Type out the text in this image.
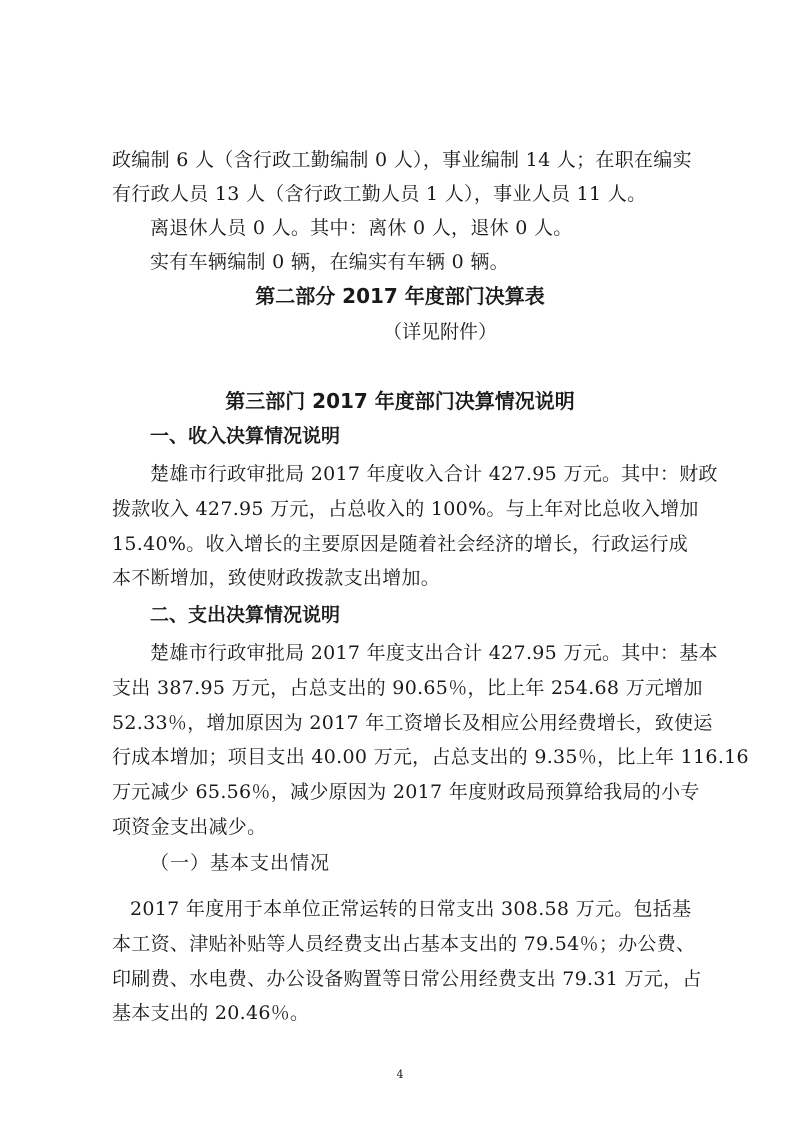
政编制 6 人（含行政工勤编制 0 人），事业编制 14 人；在职在编实
有行政人员 13 人（含行政工勤人员 1 人），事业人员 11 人。
离退休人员 0 人。其中：离休 0 人，退休 0 人。
实有车辆编制 0 辆，在编实有车辆 0 辆。
第二部分 2017 年度部门决算表
（详见附件）
第三部门 2017 年度部门决算情况说明
一、收入决算情况说明
楚雄市行政审批局 2017 年度收入合计 427.95 万元。其中：财政
拨款收入 427.95 万元，占总收入的 100%。与上年对比总收入增加
15.40%。收入增长的主要原因是随着社会经济的增长，行政运行成
本不断增加，致使财政拨款支出增加。
二、支出决算情况说明
楚雄市行政审批局 2017 年度支出合计 427.95 万元。其中：基本
支出 387.95 万元，占总支出的 90.65％，比上年 254.68 万元增加
52.33％，增加原因为 2017 年工资增长及相应公用经费增长，致使运
行成本增加；项目支出 40.00 万元，占总支出的 9.35％，比上年 116.16
万元减少 65.56％，减少原因为 2017 年度财政局预算给我局的小专
项资金支出减少。
（一）基本支出情况
2017 年度用于本单位正常运转的日常支出 308.58 万元。包括基
本工资、津贴补贴等人员经费支出占基本支出的 79.54％；办公费、
印刷费、水电费、办公设备购置等日常公用经费支出 79.31 万元，占
基本支出的 20.46％。
4
